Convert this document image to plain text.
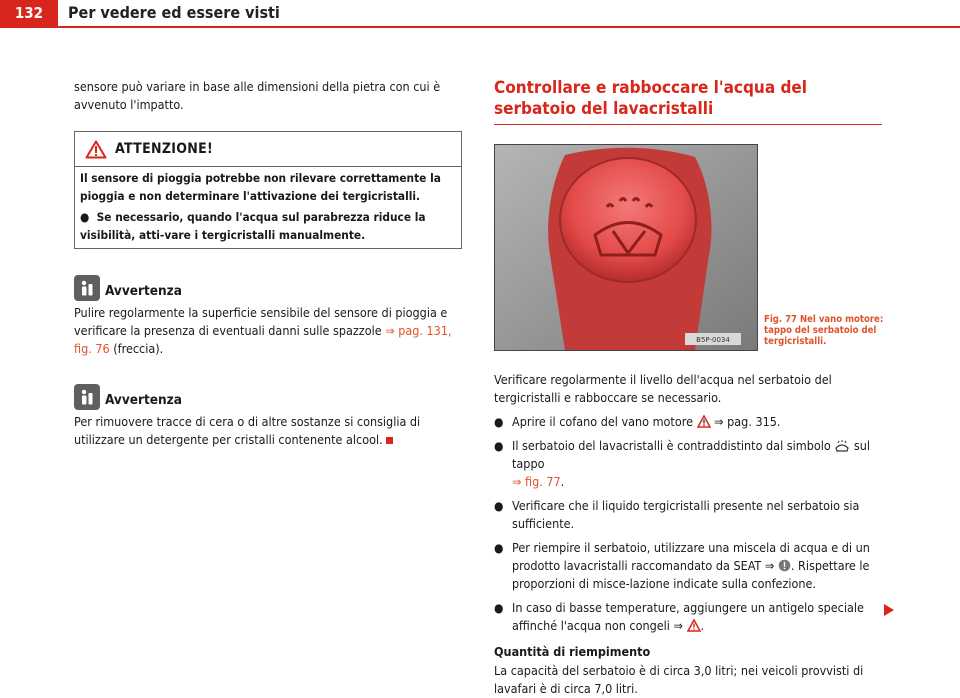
132	Per vedere ed essere visti

sensore può variare in base alle dimensioni della pietra con cui è avvenuto l'impatto.

ATTENZIONE!
Il sensore di pioggia potrebbe non rilevare correttamente la pioggia e non determinare l'attivazione dei tergicristalli.
●  Se necessario, quando l'acqua sul parabrezza riduce la visibilità, atti-vare i tergicristalli manualmente.
Avvertenza

Pulire regolarmente la superficie sensibile del sensore di pioggia e verificare la presenza di eventuali danni sulle spazzole ⇒ pag. 131, fig. 76 (freccia).

Avvertenza

Per rimuovere tracce di cera o di altre sostanze si consiglia di utilizzare un detergente per cristalli contenente alcool.

Controllare e rabboccare l'acqua del serbatoio del lavacristalli
B5P-0034
Fig. 77 Nel vano motore: tappo del serbatoio del tergicristalli.

Verificare regolarmente il livello dell'acqua nel serbatoio del tergicristalli e rabboccare se necessario.

● Aprire il cofano del vano motore ⇒ pag. 315.
● Il serbatoio del lavacristalli è contraddistinto dal simbolo sul tappo
⇒ fig. 77.
● Verificare che il liquido tergicristalli presente nel serbatoio sia sufficiente.
● Per riempire il serbatoio, utilizzare una miscela di acqua e di un prodotto lavacristalli raccomandato da SEAT ⇒ . Rispettare le proporzioni di misce-lazione indicate sulla confezione.
● In caso di basse temperature, aggiungere un antigelo speciale affinché l'acqua non congeli ⇒ .
Quantità di riempimento

La capacità del serbatoio è di circa 3,0 litri; nei veicoli provvisti di lavafari è di circa 7,0 litri.
